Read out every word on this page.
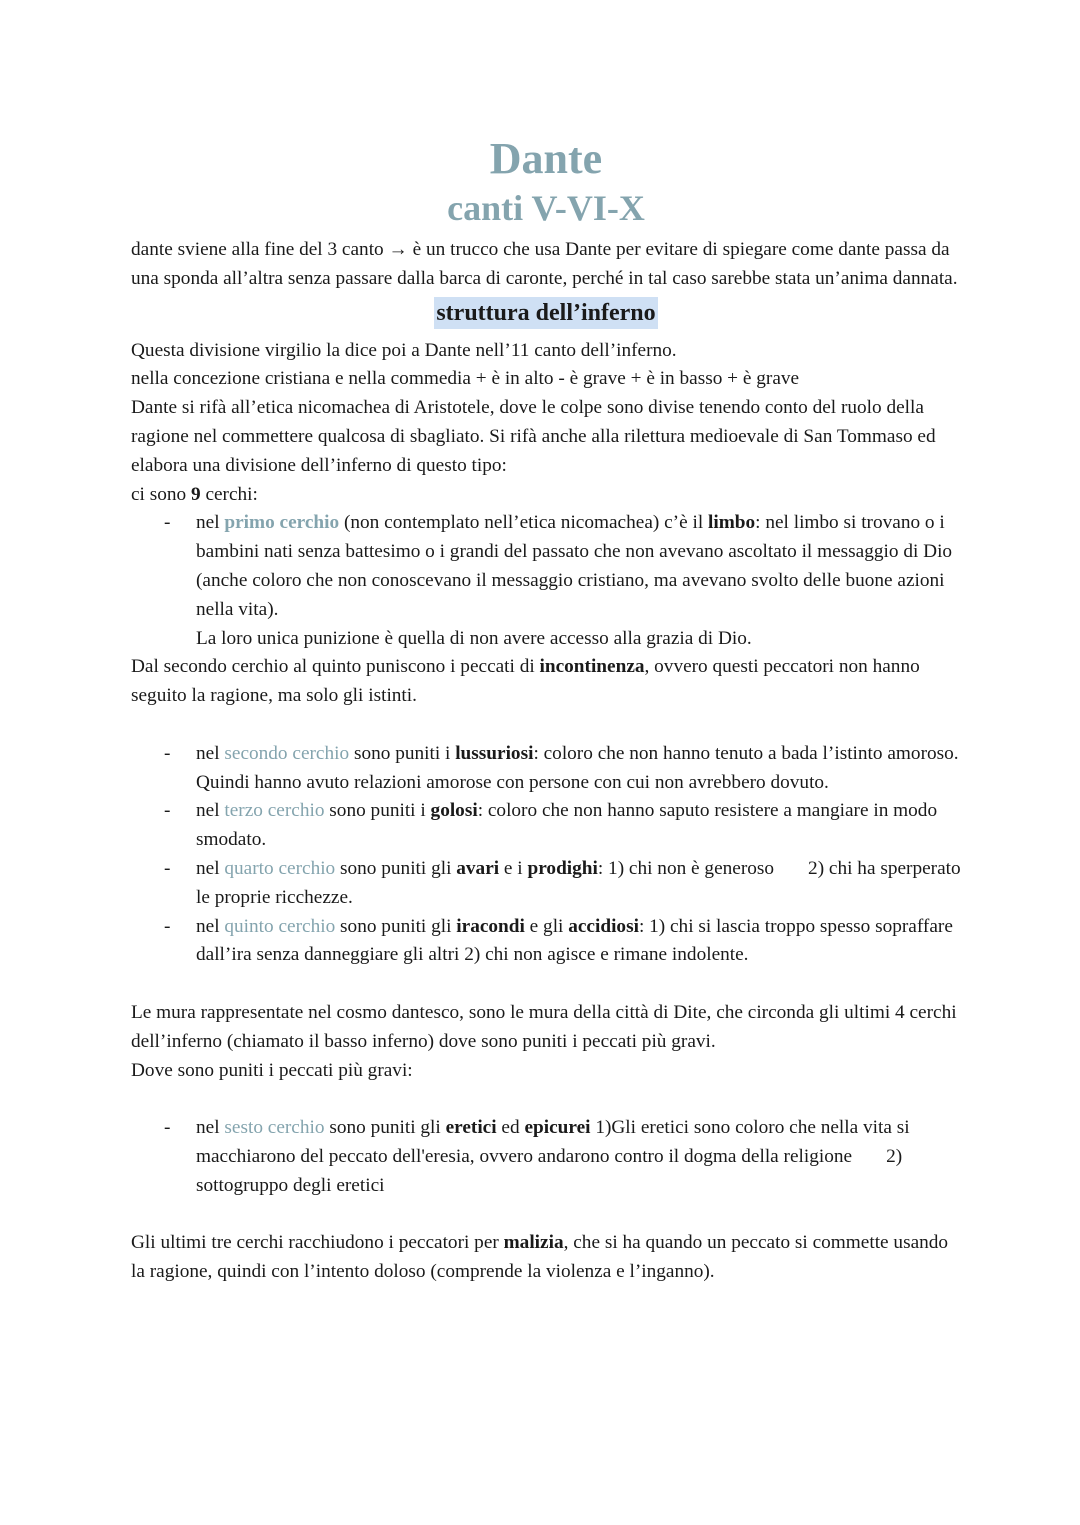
Dante
canti V-VI-X

dante sviene alla fine del 3 canto → è un trucco che usa Dante per evitare di spiegare come dante passa da una sponda all’altra senza passare dalla barca di caronte, perché in tal caso sarebbe stata un’anima dannata.

struttura dell’inferno

Questa divisione virgilio la dice poi a Dante nell’11 canto dell’inferno.

nella concezione cristiana e nella commedia + è in alto - è grave + è in basso + è grave

Dante si rifà all’etica nicomachea di Aristotele, dove le colpe sono divise tenendo conto del ruolo della ragione nel commettere qualcosa di sbagliato. Si rifà anche alla rilettura medioevale di San Tommaso ed elabora una divisione dell’inferno di questo tipo:

ci sono 9 cerchi:

- nel primo cerchio (non contemplato nell’etica nicomachea) c’è il limbo: nel limbo si trovano o i bambini nati senza battesimo o i grandi del passato che non avevano ascoltato il messaggio di Dio (anche coloro che non conoscevano il messaggio cristiano, ma avevano svolto delle buone azioni nella vita).
La loro unica punizione è quella di non avere accesso alla grazia di Dio.

Dal secondo cerchio al quinto puniscono i peccati di incontinenza, ovvero questi peccatori non hanno seguito la ragione, ma solo gli istinti.

- nel secondo cerchio sono puniti i lussuriosi: coloro che non hanno tenuto a bada l’istinto amoroso. Quindi hanno avuto relazioni amorose con persone con cui non avrebbero dovuto.
- nel terzo cerchio sono puniti i golosi: coloro che non hanno saputo resistere a mangiare in modo smodato.
- nel quarto cerchio sono puniti gli avari e i prodighi: 1) chi non è generoso 2) chi ha sperperato le proprie ricchezze.
- nel quinto cerchio sono puniti gli iracondi e gli accidiosi: 1) chi si lascia troppo spesso sopraffare dall’ira senza danneggiare gli altri 2) chi non agisce e rimane indolente.

Le mura rappresentate nel cosmo dantesco, sono le mura della città di Dite, che circonda gli ultimi 4 cerchi dell’inferno (chiamato il basso inferno) dove sono puniti i peccati più gravi.

Dove sono puniti i peccati più gravi:

- nel sesto cerchio sono puniti gli eretici ed epicurei 1)Gli eretici sono coloro che nella vita si macchiarono del peccato dell'eresia, ovvero andarono contro il dogma della religione 2) sottogruppo degli eretici

Gli ultimi tre cerchi racchiudono i peccatori per malizia, che si ha quando un peccato si commette usando la ragione, quindi con l’intento doloso (comprende la violenza e l’inganno).
